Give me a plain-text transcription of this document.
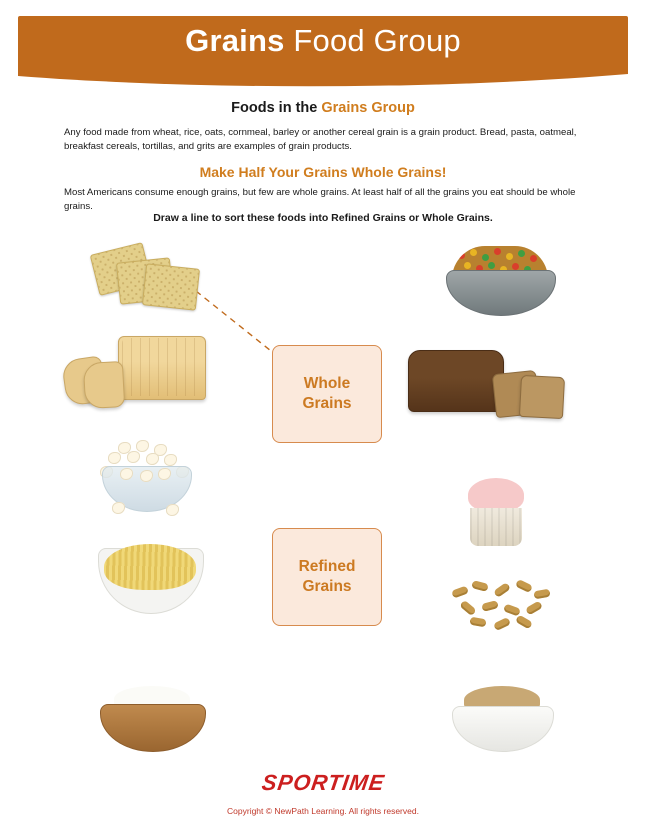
Grains Food Group
Foods in the Grains Group
Any food made from wheat, rice, oats, cornmeal, barley or another cereal grain is a grain product. Bread, pasta, oatmeal, breakfast cereals, tortillas, and grits are examples of grain products.
Make Half Your Grains Whole Grains!
Most Americans consume enough grains, but few are whole grains. At least half of all the grains you eat should be whole grains.
Draw a line to sort these foods into Refined Grains or Whole Grains.
Whole
Grains
Refined
Grains
SPORTIME
Copyright © NewPath Learning. All rights reserved.
